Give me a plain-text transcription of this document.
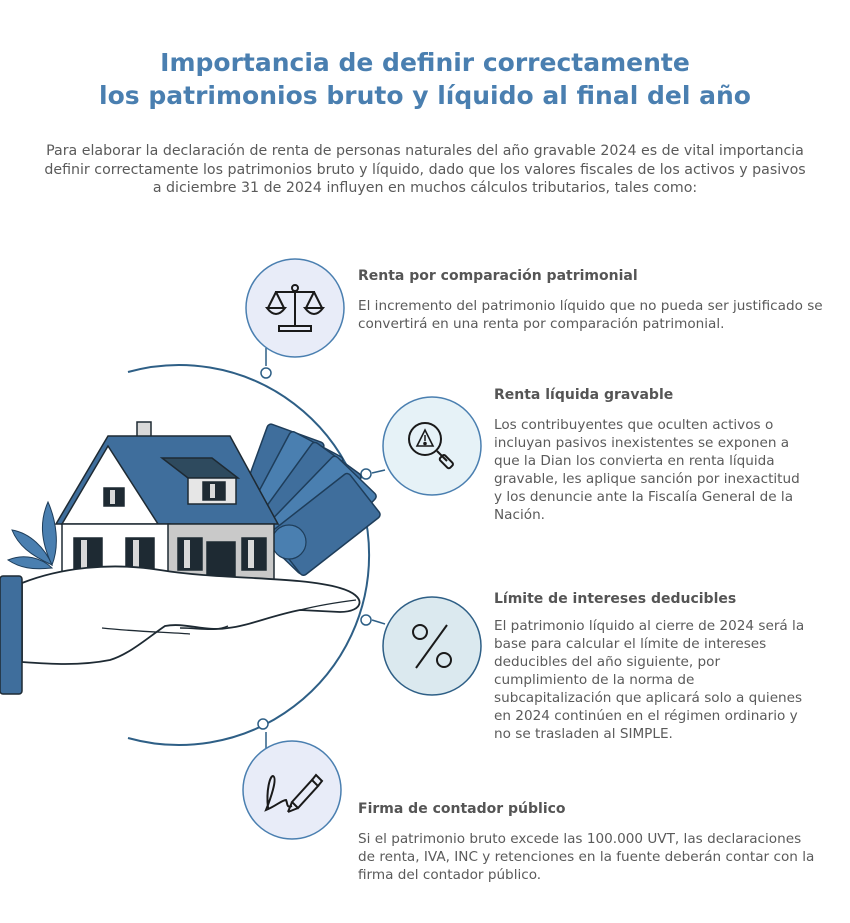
Importancia de definir correctamente
los patrimonios bruto y líquido al final del año

Para elaborar la declaración de renta de personas naturales del año gravable 2024 es de vital importancia definir correctamente los patrimonios bruto y líquido, dado que los valores fiscales de los activos y pasivos a diciembre 31 de 2024 influyen en muchos cálculos tributarios, tales como:

Renta por comparación patrimonial

El incremento del patrimonio líquido que no pueda ser justificado se convertirá en una renta por comparación patrimonial.

Renta líquida gravable

Los contribuyentes que oculten activos o incluyan pasivos inexistentes se exponen a que la Dian los convierta en renta líquida gravable, les aplique sanción por inexactitud y los denuncie ante la Fiscalía General de la Nación.

Límite de intereses deducibles

El patrimonio líquido al cierre de 2024 será la base para calcular el límite de intereses deducibles del año siguiente, por cumplimiento de la norma de subcapitalización que aplicará solo a quienes en 2024 continúen en el régimen ordinario y no se trasladen al SIMPLE.

Firma de contador público

Si el patrimonio bruto excede las 100.000 UVT, las declaraciones de renta, IVA, INC y retenciones en la fuente deberán contar con la firma del contador público.
